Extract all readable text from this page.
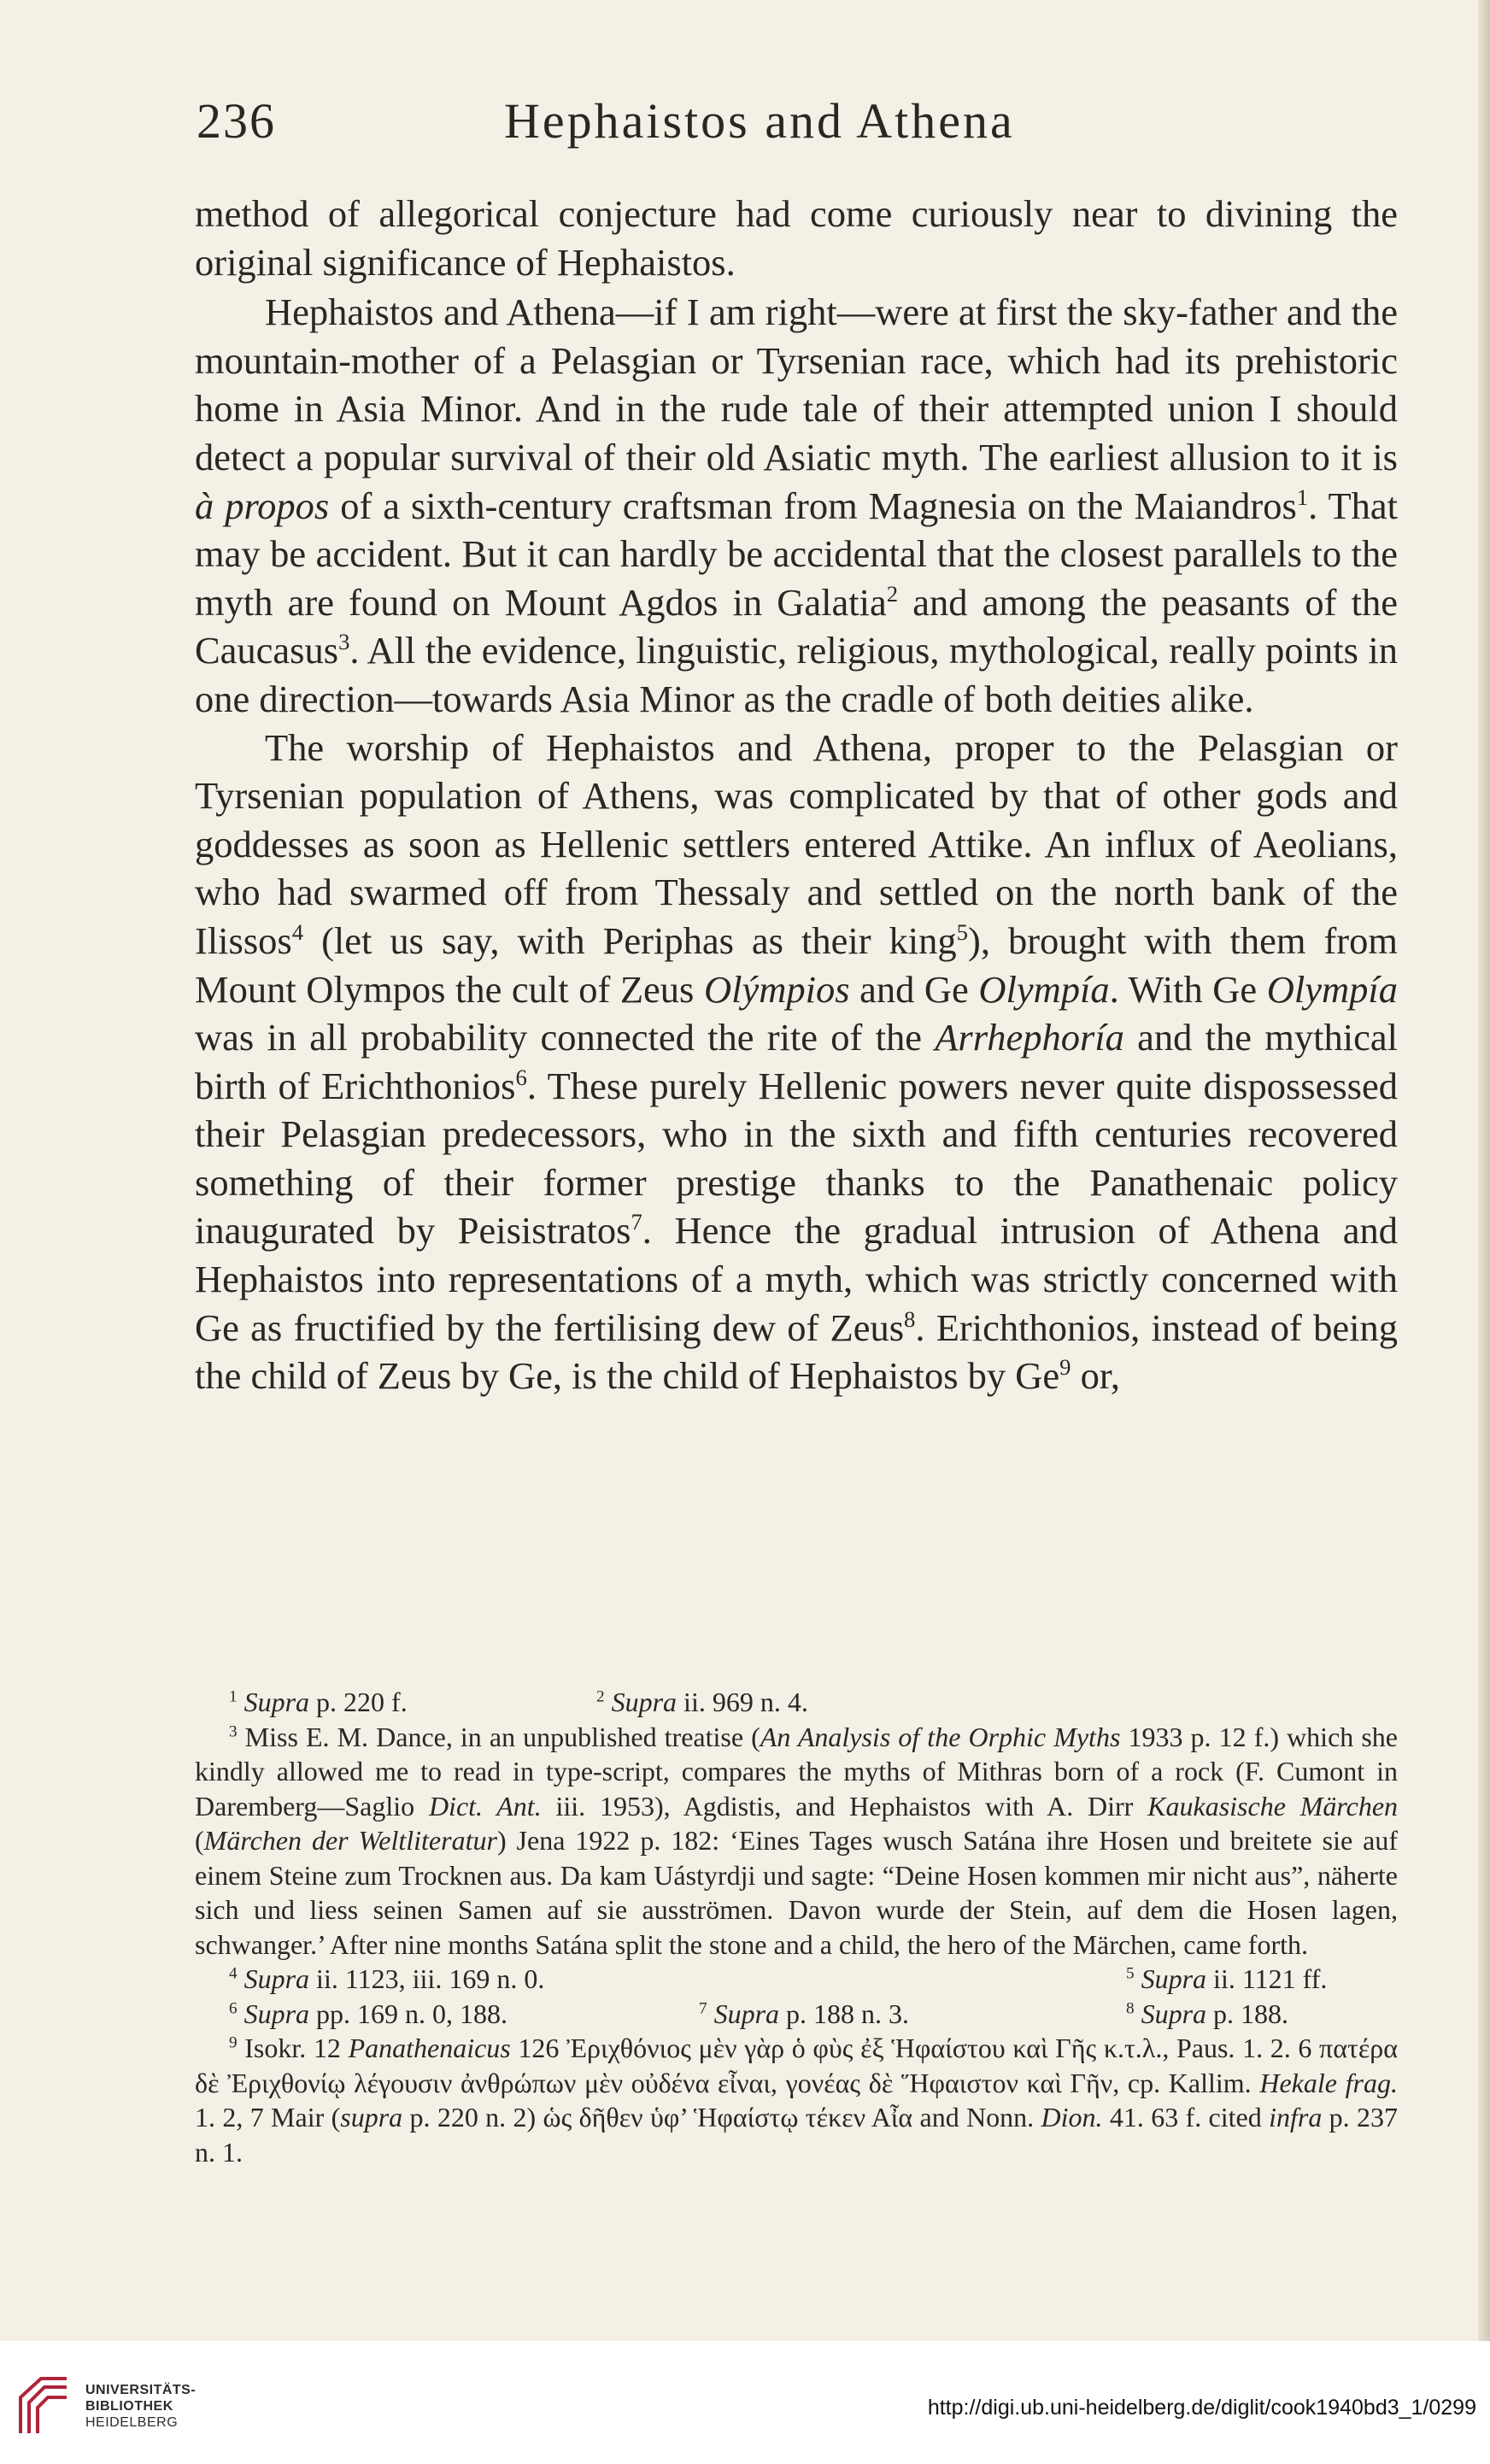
236	Hephaistos and Athena

method of allegorical conjecture had come curiously near to divining the original significance of Hephaistos.

Hephaistos and Athena—if I am right—were at first the sky-father and the mountain-mother of a Pelasgian or Tyrsenian race, which had its prehistoric home in Asia Minor. And in the rude tale of their attempted union I should detect a popular survival of their old Asiatic myth. The earliest allusion to it is à propos of a sixth-century craftsman from Magnesia on the Maiandros$^1$. That may be accident. But it can hardly be accidental that the closest parallels to the myth are found on Mount Agdos in Galatia$^2$ and among the peasants of the Caucasus$^3$. All the evidence, linguistic, religious, mythological, really points in one direction—towards Asia Minor as the cradle of both deities alike.

The worship of Hephaistos and Athena, proper to the Pelasgian or Tyrsenian population of Athens, was complicated by that of other gods and goddesses as soon as Hellenic settlers entered Attike. An influx of Aeolians, who had swarmed off from Thessaly and settled on the north bank of the Ilissos$^4$ (let us say, with Periphas as their king$^5$), brought with them from Mount Olympos the cult of Zeus Olýmpios and Ge Olympía. With Ge Olympía was in all probability connected the rite of the Arrhephoría and the mythical birth of Erichthonios$^6$. These purely Hellenic powers never quite dispossessed their Pelasgian predecessors, who in the sixth and fifth centuries recovered something of their former prestige thanks to the Panathenaic policy inaugurated by Peisistratos$^7$. Hence the gradual intrusion of Athena and Hephaistos into representations of a myth, which was strictly concerned with Ge as fructified by the fertilising dew of Zeus$^8$. Erichthonios, instead of being the child of Zeus by Ge, is the child of Hephaistos by Ge$^9$ or,

$^1$ Supra p. 220 f.	$^2$ Supra ii. 969 n. 4.

$^3$ Miss E. M. Dance, in an unpublished treatise (An Analysis of the Orphic Myths 1933 p. 12 f.) which she kindly allowed me to read in type-script, compares the myths of Mithras born of a rock (F. Cumont in Daremberg—Saglio Dict. Ant. iii. 1953), Agdistis, and Hephaistos with A. Dirr Kaukasische Märchen (Märchen der Weltliteratur) Jena 1922 p. 182: ‘Eines Tages wusch Satána ihre Hosen und breitete sie auf einem Steine zum Trocknen aus. Da kam Uástyrdji und sagte: “Deine Hosen kommen mir nicht aus”, näherte sich und liess seinen Samen auf sie ausströmen. Davon wurde der Stein, auf dem die Hosen lagen, schwanger.’ After nine months Satána split the stone and a child, the hero of the Märchen, came forth.

$^4$ Supra ii. 1123, iii. 169 n. 0.	$^5$ Supra ii. 1121 ff.
$^6$ Supra pp. 169 n. 0, 188.	$^7$ Supra p. 188 n. 3.	$^8$ Supra p. 188.

$^9$ Isokr. 12 Panathenaicus 126 Ἐριχθόνιος μὲν γὰρ ὁ φὺς ἐξ Ἡφαίστου καὶ Γῆς κ.τ.λ., Paus. 1. 2. 6 πατέρα δὲ Ἐριχθονίῳ λέγουσιν ἀνθρώπων μὲν οὐδένα εἶναι, γονέας δὲ Ἥφαιστον καὶ Γῆν, cp. Kallim. Hekale frag. 1. 2, 7 Mair (supra p. 220 n. 2) ὡς δῆθεν ὑφ’ Ἡφαίστῳ τέκεν Αἶα and Nonn. Dion. 41. 63 f. cited infra p. 237 n. 1.

UNIVERSITÄTS-
BIBLIOTHEK
HEIDELBERG
http://digi.ub.uni-heidelberg.de/diglit/cook1940bd3_1/0299
